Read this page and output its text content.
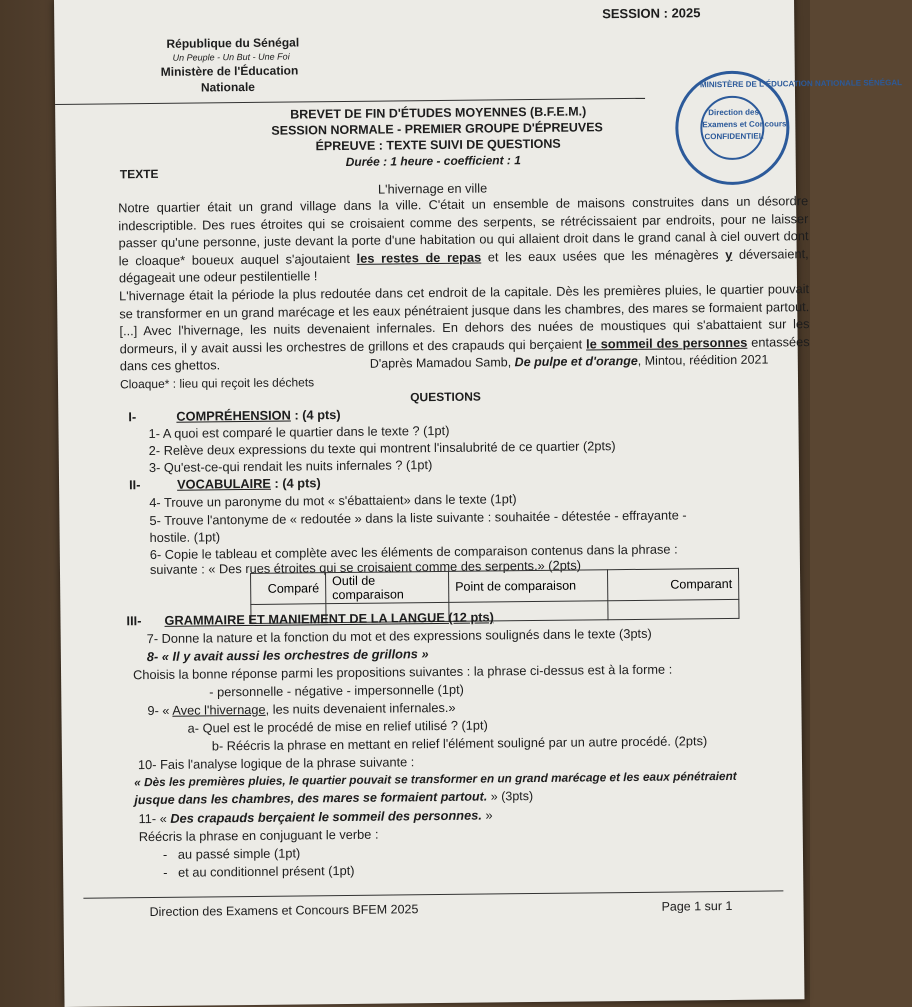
SESSION : 2025
République du Sénégal
Un Peuple - Un But - Une Foi
Ministère de l'Éducation
Nationale
BREVET DE FIN D'ÉTUDES MOYENNES (B.F.E.M.)
SESSION NORMALE - PREMIER GROUPE D'ÉPREUVES
ÉPREUVE : TEXTE SUIVI DE QUESTIONS
Durée : 1 heure - coefficient : 1
MINISTÈRE DE L'ÉDUCATION NATIONALE SÉNÉGAL
Direction des
Examens et Concours
CONFIDENTIEL
TEXTE
L'hivernage en ville
Notre quartier était un grand village dans la ville. C'était un ensemble de maisons construites dans un désordre indescriptible. Des rues étroites qui se croisaient comme des serpents, se rétrécissaient par endroits, pour ne laisser passer qu'une personne, juste devant la porte d'une habitation ou qui allaient droit dans le grand canal à ciel ouvert dont le cloaque* boueux auquel s'ajoutaient les restes de repas et les eaux usées que les ménagères y déversaient, dégageait une odeur pestilentielle !
L'hivernage était la période la plus redoutée dans cet endroit de la capitale. Dès les premières pluies, le quartier pouvait se transformer en un grand marécage et les eaux pénétraient jusque dans les chambres, des mares se formaient partout. [...] Avec l'hivernage, les nuits devenaient infernales. En dehors des nuées de moustiques qui s'abattaient sur les dormeurs, il y avait aussi les orchestres de grillons et des crapauds qui berçaient le sommeil des personnes entassées dans ces ghettos.	D'après Mamadou Samb, De pulpe et d'orange, Mintou, réédition 2021
Cloaque* : lieu qui reçoit les déchets
QUESTIONS
I-	COMPRÉHENSION : (4 pts)
1- A quoi est comparé le quartier dans le texte ? (1pt)
2- Relève deux expressions du texte qui montrent l'insalubrité de ce quartier (2pts)
3- Qu'est-ce-qui rendait les nuits infernales ? (1pt)
II-	VOCABULAIRE : (4 pts)
4- Trouve un paronyme du mot « s'ébattaient» dans le texte (1pt)
5- Trouve l'antonyme de « redoutée » dans la liste suivante : souhaitée - détestée - effrayante -
hostile. (1pt)
6- Copie le tableau et complète avec les éléments de comparaison contenus dans la phrase :
suivante : « Des rues étroites qui se croisaient comme des serpents.» (2pts)
Comparé	Outil de comparaison	Point de comparaison	Comparant

III- GRAMMAIRE ET MANIEMENT DE LA LANGUE (12 pts)
7- Donne la nature et la fonction du mot et des expressions soulignés dans le texte (3pts)
8- « Il y avait aussi les orchestres de grillons »
Choisis la bonne réponse parmi les propositions suivantes : la phrase ci-dessus est à la forme :
- personnelle - négative - impersonnelle (1pt)
9- « Avec l'hivernage, les nuits devenaient infernales.»
a- Quel est le procédé de mise en relief utilisé ? (1pt)
b- Réécris la phrase en mettant en relief l'élément souligné par un autre procédé. (2pts)
10- Fais l'analyse logique de la phrase suivante :
« Dès les premières pluies, le quartier pouvait se transformer en un grand marécage et les eaux pénétraient
jusque dans les chambres, des mares se formaient partout. » (3pts)
11- « Des crapauds berçaient le sommeil des personnes. »
Réécris la phrase en conjuguant le verbe :
-   au passé simple (1pt)
-   et au conditionnel présent (1pt)
Direction des Examens et Concours BFEM 2025	Page 1 sur 1
